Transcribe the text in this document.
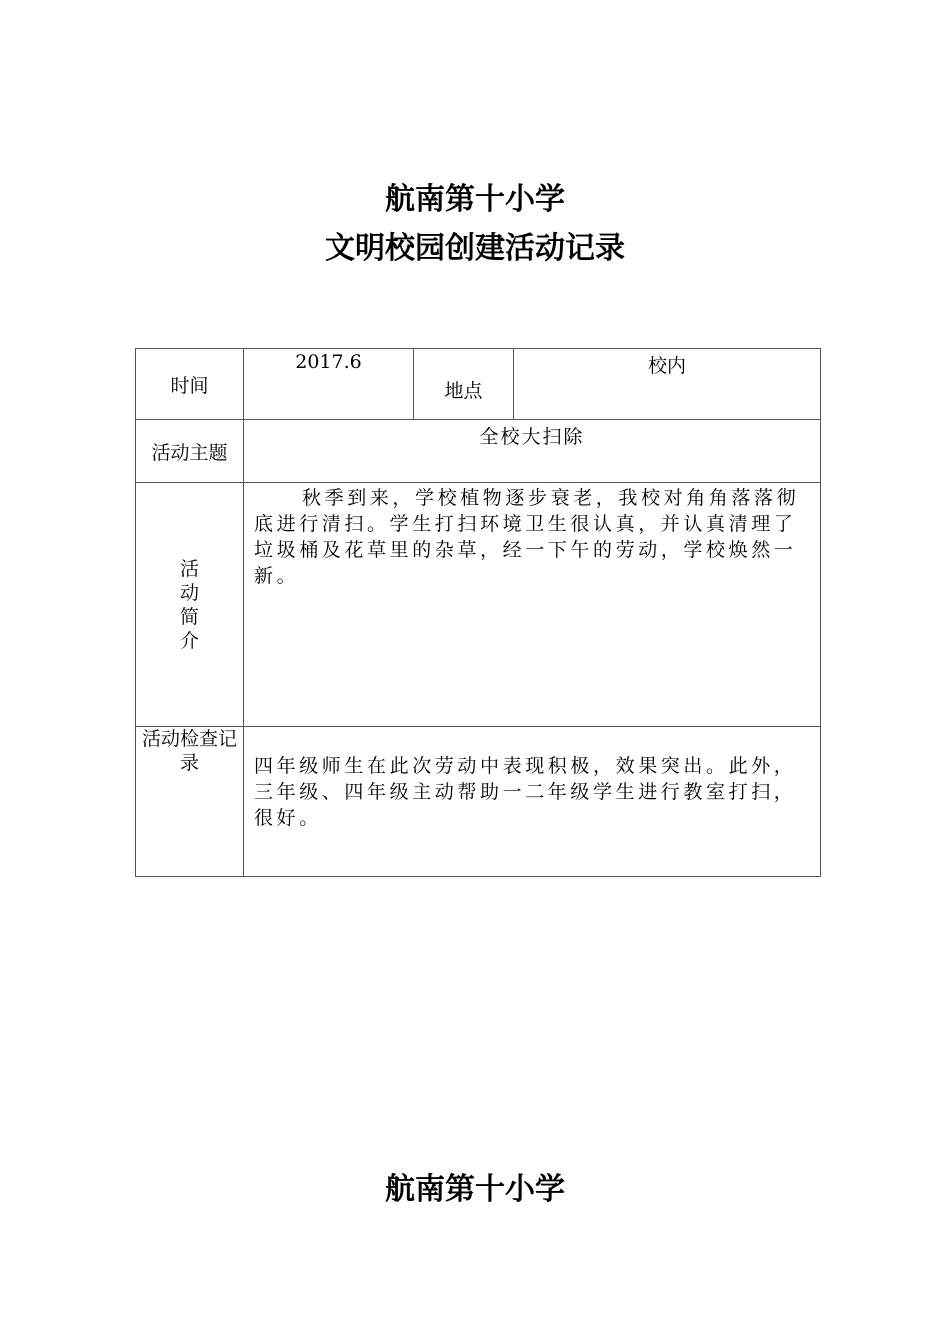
航南第十小学
文明校园创建活动记录
时间	2017.6	地点	校内
活动主题	全校大扫除		

活
动
简
介	秋季到来，学校植物逐步衰老，我校对角角落落彻底进行清扫。学生打扫环境卫生很认真，并认真清理了垃圾桶及花草里的杂草，经一下午的劳动，学校焕然一新。		
活动检查记录	四年级师生在此次劳动中表现积极，效果突出。此外，三年级、四年级主动帮助一二年级学生进行教室打扫，很好。		
航南第十小学
